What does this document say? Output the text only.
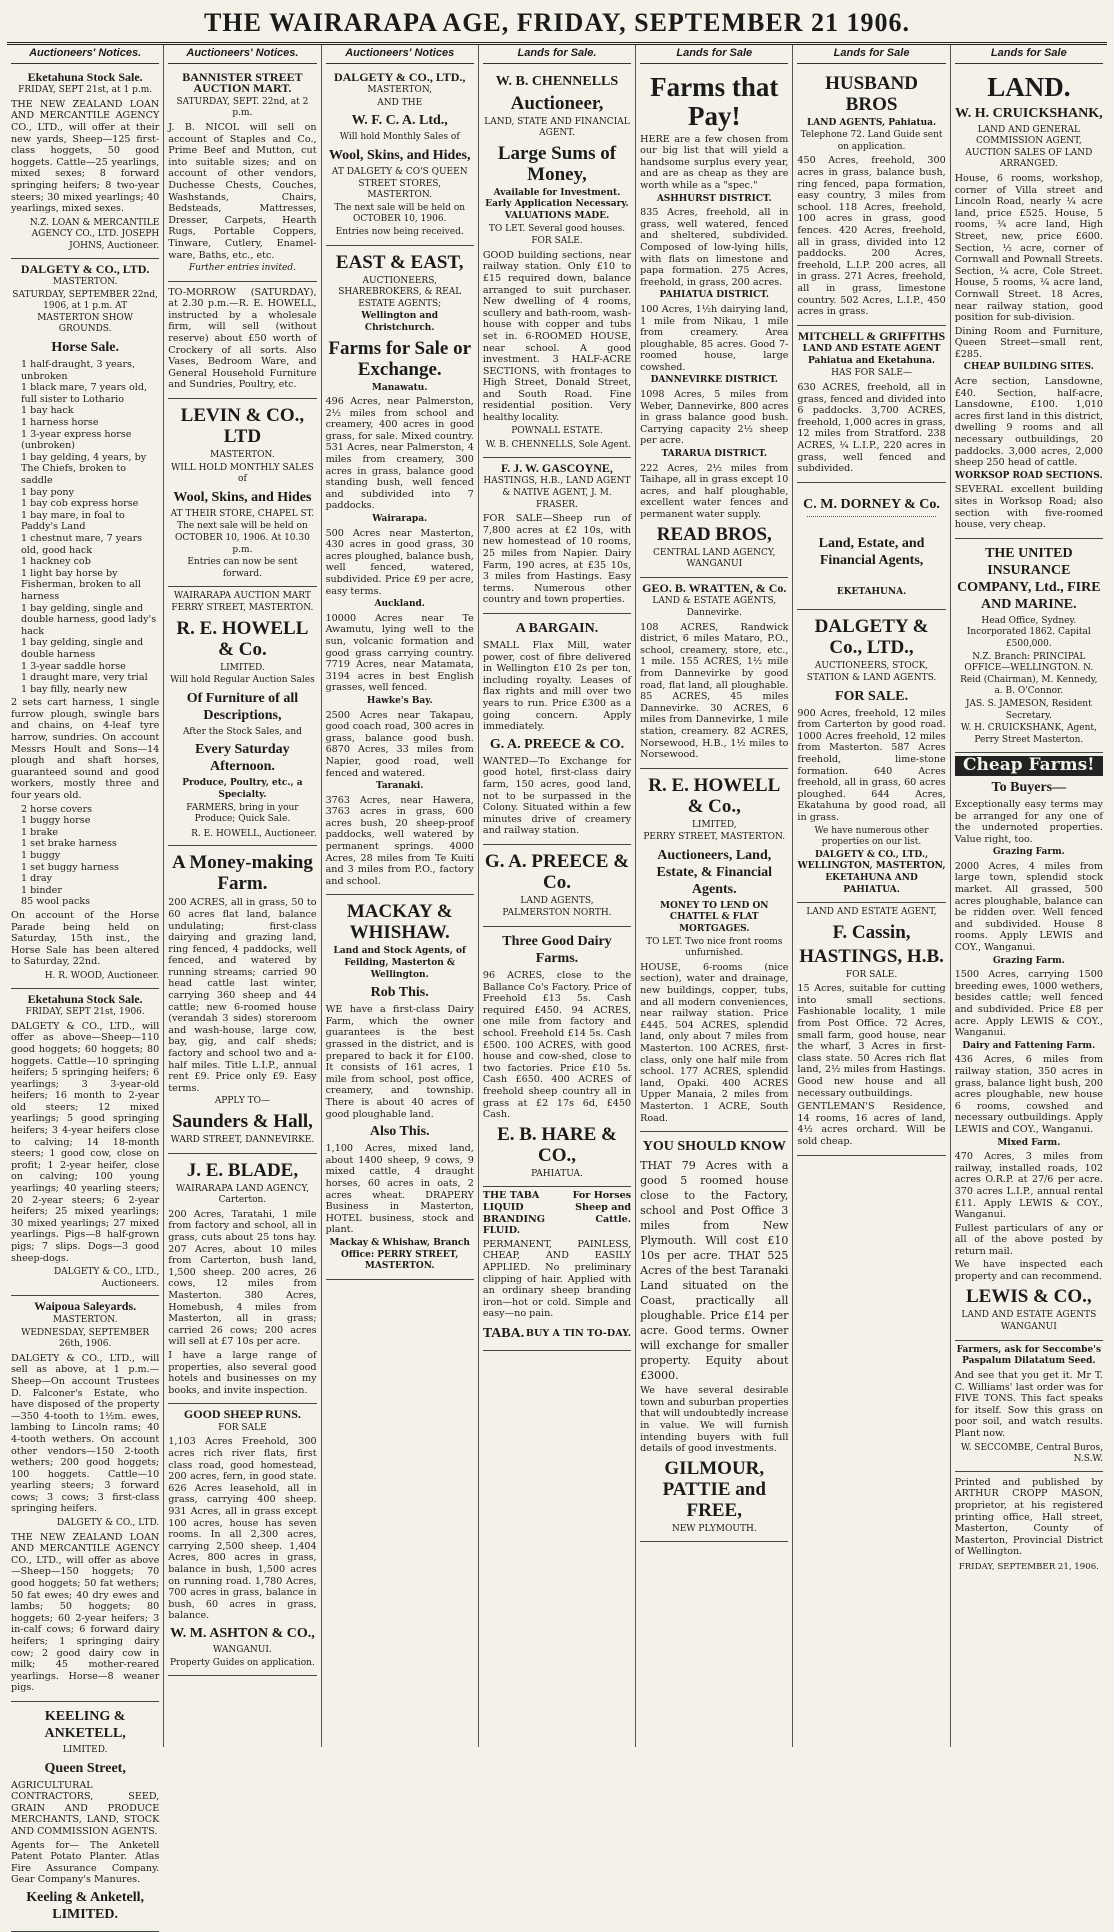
THE WAIRARAPA AGE, FRIDAY, SEPTEMBER 21 1906.
Auctioneers' Notices.
Eketahuna Stock Sale.
FRIDAY, SEPT 21st, at 1 p.m.

THE NEW ZEALAND LOAN AND MERCANTILE AGENCY CO., LTD., will offer at their new yards, Sheep—125 first-class hoggets, 50 good hoggets. Cattle—25 yearlings, mixed sexes; 8 forward springing heifers; 8 two-year steers; 30 mixed yearlings; 40 yearlings, mixed sexes.

N.Z. LOAN & MERCANTILE AGENCY CO., LTD. JOSEPH JOHNS, Auctioneer.
DALGETY & CO., LTD.
MASTERTON.
SATURDAY, SEPTEMBER 22nd, 1906, at 1 p.m. AT MASTERTON SHOW GROUNDS.
Horse Sale.
1 half-draught, 3 years, unbroken
1 black mare, 7 years old, full sister to Lothario
1 bay hack
1 harness horse
1 3-year express horse (unbroken)
1 bay gelding, 4 years, by The Chiefs, broken to saddle
1 bay pony
1 bay cob express horse
1 bay mare, in foal to Paddy's Land
1 chestnut mare, 7 years old, good hack
1 hackney cob
1 light bay horse by Fisherman, broken to all harness
1 bay gelding, single and double harness, good lady's hack
1 bay gelding, single and double harness
1 3-year saddle horse
1 draught mare, very trial
1 bay filly, nearly new

2 sets cart harness, 1 single furrow plough, swingle bars and chains, on 4-leaf tyre harrow, sundries. On account Messrs Hoult and Sons—14 plough and shaft horses, guaranteed sound and good workers, mostly three and four years old.

2 horse covers
1 buggy horse
1 brake
1 set brake harness
1 buggy
1 set buggy harness
1 dray
1 binder
85 wool packs

On account of the Horse Parade being held on Saturday, 15th inst., the Horse Sale has been altered to Saturday, 22nd.

H. R. WOOD, Auctioneer.
Eketahuna Stock Sale.
FRIDAY, SEPT 21st, 1906.

DALGETY & CO., LTD., will offer as above—Sheep—110 good hoggets; 60 hoggets; 80 hoggets. Cattle—10 springing heifers; 5 springing heifers; 6 yearlings; 3 3-year-old heifers; 16 month to 2-year old steers; 12 mixed yearlings; 5 good springing heifers; 3 4-year heifers close to calving; 14 18-month steers; 1 good cow, close on profit; 1 2-year heifer, close on calving; 100 young yearlings; 40 yearling steers; 20 2-year steers; 6 2-year heifers; 25 mixed yearlings; 30 mixed yearlings; 27 mixed yearlings. Pigs—8 half-grown pigs; 7 slips. Dogs—3 good sheep-dogs.

DALGETY & CO., LTD., Auctioneers.
Waipoua Saleyards.
MASTERTON.
WEDNESDAY, SEPTEMBER 26th, 1906.

DALGETY & CO., LTD., will sell as above, at 1 p.m.—Sheep—On account Trustees D. Falconer's Estate, who have disposed of the property—350 4-tooth to 1½m. ewes, lambing to Lincoln rams; 40 4-tooth wethers. On account other vendors—150 2-tooth wethers; 200 good hoggets; 100 hoggets. Cattle—10 yearling steers; 3 forward cows; 3 cows; 3 first-class springing heifers.

DALGETY & CO., LTD.

THE NEW ZEALAND LOAN AND MERCANTILE AGENCY CO., LTD., will offer as above—Sheep—150 hoggets; 70 good hoggets; 50 fat wethers; 50 fat ewes; 40 dry ewes and lambs; 50 hoggets; 80 hoggets; 60 2-year heifers; 3 in-calf cows; 6 forward dairy heifers; 1 springing dairy cow; 2 good dairy cow in milk; 45 mother-reared yearlings. Horse—8 weaner pigs.

KEELING & ANKETELL,
LIMITED.
Queen Street,

AGRICULTURAL CONTRACTORS, SEED, GRAIN AND PRODUCE MERCHANTS, LAND, STOCK AND COMMISSION AGENTS.

Agents for— The Anketell Patent Potato Planter. Atlas Fire Assurance Company. Gear Company's Manures.

Keeling & Anketell, LIMITED.
Auctioneers' Notices.
BANNISTER STREET AUCTION MART.
SATURDAY, SEPT. 22nd, at 2 p.m.

J. B. NICOL will sell on account of Staples and Co., Prime Beef and Mutton, cut into suitable sizes; and on account of other vendors, Duchesse Chests, Couches, Washstands, Chairs, Bedsteads, Mattresses, Dresser, Carpets, Hearth Rugs, Portable Coppers, Tinware, Cutlery, Enamel-ware, Baths, etc., etc.

Further entries invited.

TO-MORROW (SATURDAY), at 2.30 p.m.—R. E. HOWELL, instructed by a wholesale firm, will sell (without reserve) about £50 worth of Crockery of all sorts. Also Vases, Bedroom Ware, and General Household Furniture and Sundries, Poultry, etc.

LEVIN & CO., LTD
MASTERTON.
WILL HOLD MONTHLY SALES of
Wool, Skins, and Hides
AT THEIR STORE, CHAPEL ST.
The next sale will be held on OCTOBER 10, 1906. At 10.30 p.m.
Entries can now be sent forward.
WAIRARAPA AUCTION MART FERRY STREET, MASTERTON.
R. E. HOWELL & Co.
LIMITED.
Will hold Regular Auction Sales
Of Furniture of all Descriptions,
After the Stock Sales, and
Every Saturday Afternoon.
Produce, Poultry, etc., a Specialty.
FARMERS, bring in your Produce; Quick Sale.
R. E. HOWELL, Auctioneer.
A Money-making Farm.

200 ACRES, all in grass, 50 to 60 acres flat land, balance undulating; first-class dairying and grazing land, ring fenced, 4 paddocks, well fenced, and watered by running streams; carried 90 head cattle last winter, carrying 360 sheep and 44 cattle; new 6-roomed house (verandah 3 sides) storeroom and wash-house, large cow, bay, gig, and calf sheds; factory and school two and a-half miles. Title L.I.P., annual rent £9. Price only £9. Easy terms.

APPLY TO—
Saunders & Hall,
WARD STREET, DANNEVIRKE.
J. E. BLADE,
WAIRARAPA LAND AGENCY, Carterton.

200 Acres, Taratahi, 1 mile from factory and school, all in grass, cuts about 25 tons hay. 207 Acres, about 10 miles from Carterton, bush land, 1,500 sheep. 200 acres, 26 cows, 12 miles from Masterton. 380 Acres, Homebush, 4 miles from Masterton, all in grass; carried 26 cows; 200 acres will sell at £7 10s per acre.

I have a large range of properties, also several good hotels and businesses on my books, and invite inspection.

GOOD SHEEP RUNS.
FOR SALE

1,103 Acres Freehold, 300 acres rich river flats, first class road, good homestead, 200 acres, fern, in good state. 626 Acres leasehold, all in grass, carrying 400 sheep. 931 Acres, all in grass except 100 acres, house has seven rooms. In all 2,300 acres, carrying 2,500 sheep. 1,404 Acres, 800 acres in grass, balance in bush, 1,500 acres on running road. 1,780 Acres, 700 acres in grass, balance in bush, 60 acres in grass, balance.

W. M. ASHTON & CO.,
WANGANUI.
Property Guides on application.
Auctioneers' Notices
DALGETY & CO., LTD.,
MASTERTON,
AND THE
W. F. C. A. Ltd.,
Will hold Monthly Sales of
Wool, Skins, and Hides,
AT DALGETY & CO'S QUEEN STREET STORES, MASTERTON.
The next sale will be held on OCTOBER 10, 1906.
Entries now being received.
EAST & EAST,
AUCTIONEERS, SHAREBROKERS, & REAL ESTATE AGENTS;
Wellington and Christchurch.
Farms for Sale or Exchange.
Manawatu.

496 Acres, near Palmerston, 2½ miles from school and creamery, 400 acres in good grass, for sale. Mixed country. 531 Acres, near Palmerston, 4 miles from creamery, 300 acres in grass, balance good standing bush, well fenced and subdivided into 7 paddocks.

Wairarapa.

500 Acres near Masterton, 430 acres in good grass, 30 acres ploughed, balance bush, well fenced, watered, subdivided. Price £9 per acre, easy terms.

Auckland.

10000 Acres near Te Awamutu, lying well to the sun, volcanic formation and good grass carrying country. 7719 Acres, near Matamata, 3194 acres in best English grasses, well fenced.

Hawke's Bay.

2500 Acres near Takapau, good coach road, 300 acres in grass, balance good bush. 6870 Acres, 33 miles from Napier, good road, well fenced and watered.

Taranaki.

3763 Acres, near Hawera, 3763 acres in grass, 600 acres bush, 20 sheep-proof paddocks, well watered by permanent springs. 4000 Acres, 28 miles from Te Kuiti and 3 miles from P.O., factory and school.

MACKAY & WHISHAW.
Land and Stock Agents, of Feilding, Masterton & Wellington.
Rob This.

WE have a first-class Dairy Farm, which the owner guarantees is the best grassed in the district, and is prepared to back it for £100. It consists of 161 acres, 1 mile from school, post office, creamery, and township. There is about 40 acres of good ploughable land.

Also This.

1,100 Acres, mixed land, about 1400 sheep, 9 cows, 9 mixed cattle, 4 draught horses, 60 acres in oats, 2 acres wheat. DRAPERY Business in Masterton, HOTEL business, stock and plant.

Mackay & Whishaw, Branch Office: PERRY STREET, MASTERTON.
Lands for Sale.
W. B. CHENNELLS
Auctioneer,
LAND, STATE AND FINANCIAL AGENT.
Large Sums of Money,
Available for Investment. Early Application Necessary. VALUATIONS MADE.
TO LET. Several good houses.
FOR SALE.

GOOD building sections, near railway station. Only £10 to £15 required down, balance arranged to suit purchaser. New dwelling of 4 rooms, scullery and bath-room, wash-house with copper and tubs set in. 6-ROOMED HOUSE, near school. A good investment. 3 HALF-ACRE SECTIONS, with frontages to High Street, Donald Street, and South Road. Fine residential position. Very healthy locality.

POWNALL ESTATE.
W. B. CHENNELLS, Sole Agent.
F. J. W. GASCOYNE,
HASTINGS, H.B., LAND AGENT & NATIVE AGENT, J. M. FRASER.

FOR SALE—Sheep run of 7,800 acres at £2 10s, with new homestead of 10 rooms, 25 miles from Napier. Dairy Farm, 190 acres, at £35 10s, 3 miles from Hastings. Easy terms. Numerous other country and town properties.

A BARGAIN.

SMALL Flax Mill, water power, cost of fibre delivered in Wellington £10 2s per ton, including royalty. Leases of flax rights and mill over two years to run. Price £300 as a going concern. Apply immediately.

G. A. PREECE & CO.

WANTED—To Exchange for good hotel, first-class dairy farm, 150 acres, good land, not to be surpassed in the Colony. Situated within a few minutes drive of creamery and railway station.

G. A. PREECE & Co.
LAND AGENTS,
PALMERSTON NORTH.
Three Good Dairy Farms.

96 ACRES, close to the Ballance Co's Factory. Price of Freehold £13 5s. Cash required £450. 94 ACRES, one mile from factory and school. Freehold £14 5s. Cash £500. 100 ACRES, with good house and cow-shed, close to two factories. Price £10 5s. Cash £650. 400 ACRES of freehold sheep country all in grass at £2 17s 6d, £450 Cash.

E. B. HARE & CO.,
PAHIATUA.
THE TABA LIQUID BRANDING FLUID.
For Horses Sheep and Cattle.

PERMANENT, PAINLESS, CHEAP, AND EASILY APPLIED. No preliminary clipping of hair. Applied with an ordinary sheep branding iron—hot or cold. Simple and easy—no pain.

TABA. BUY A TIN TO-DAY.
Lands for Sale
Farms that Pay!

HERE are a few chosen from our big list that will yield a handsome surplus every year, and are as cheap as they are worth while as a "spec."

ASHHURST DISTRICT.

835 Acres, freehold, all in grass, well watered, fenced and sheltered, subdivided. Composed of low-lying hills, with flats on limestone and papa formation. 275 Acres, freehold, in grass, 200 acres.

PAHIATUA DISTRICT.

100 Acres, 1½h dairying land, 1 mile from Nikau, 1 mile from creamery. Area ploughable, 85 acres. Good 7-roomed house, large cowshed.

DANNEVIRKE DISTRICT.

1098 Acres, 5 miles from Weber, Dannevirke, 800 acres in grass balance good bush. Carrying capacity 2½ sheep per acre.

TARARUA DISTRICT.

222 Acres, 2½ miles from Taihape, all in grass except 10 acres, and half ploughable, excellent water fences and permanent water supply.

READ BROS,
CENTRAL LAND AGENCY, WANGANUI
GEO. B. WRATTEN, & Co.
LAND & ESTATE AGENTS, Dannevirke.

108 ACRES, Randwick district, 6 miles Mataro, P.O., school, creamery, store, etc., 1 mile. 155 ACRES, 1½ mile from Dannevirke by good road, flat land, all ploughable. 85 ACRES, 45 miles Dannevirke. 30 ACRES, 6 miles from Dannevirke, 1 mile station, creamery. 82 ACRES, Norsewood, H.B., 1½ miles to Norsewood.

R. E. HOWELL & Co.,
LIMITED,
PERRY STREET, MASTERTON.
Auctioneers, Land, Estate, & Financial Agents.
MONEY TO LEND ON CHATTEL & FLAT MORTGAGES.
TO LET. Two nice front rooms unfurnished.

HOUSE, 6-rooms (nice section), water and drainage, new buildings, copper, tubs, and all modern conveniences, near railway station. Price £445. 504 ACRES, splendid land, only about 7 miles from Masterton. 100 ACRES, first-class, only one half mile from school. 177 ACRES, splendid land, Opaki. 400 ACRES Upper Manaia, 2 miles from Masterton. 1 ACRE, South Road.

YOU SHOULD KNOW

THAT 79 Acres with a good 5 roomed house close to the Factory, school and Post Office 3 miles from New Plymouth. Will cost £10 10s per acre. THAT 525 Acres of the best Taranaki Land situated on the Coast, practically all ploughable. Price £14 per acre. Good terms. Owner will exchange for smaller property. Equity about £3000.

We have several desirable town and suburban properties that will undoubtedly increase in value. We will furnish intending buyers with full details of good investments.

GILMOUR, PATTIE and FREE,
NEW PLYMOUTH.
Lands for Sale
HUSBAND BROS
LAND AGENTS, Pahiatua.
Telephone 72. Land Guide sent on application.

450 Acres, freehold, 300 acres in grass, balance bush, ring fenced, papa formation, easy country, 3 miles from school. 118 Acres, freehold, 100 acres in grass, good fences. 420 Acres, freehold, all in grass, divided into 12 paddocks. 200 Acres, freehold, L.I.P. 200 acres, all in grass. 271 Acres, freehold, all in grass, limestone country. 502 Acres, L.I.P., 450 acres in grass.

MITCHELL & GRIFFITHS
LAND AND ESTATE AGENT Pahiatua and Eketahuna.
HAS FOR SALE—

630 ACRES, freehold, all in grass, fenced and divided into 6 paddocks. 3,700 ACRES, freehold, 1,000 acres in grass, 12 miles from Stratford. 238 ACRES, ¼ L.I.P., 220 acres in grass, well fenced and subdivided.

C. M. DORNEY & Co.
Land, Estate, and Financial Agents,
EKETAHUNA.
DALGETY & Co., LTD.,
AUCTIONEERS, STOCK, STATION & LAND AGENTS.
FOR SALE.

900 Acres, freehold, 12 miles from Carterton by good road. 1000 Acres freehold, 12 miles from Masterton. 587 Acres freehold, lime-stone formation. 640 Acres freehold, all in grass, 60 acres ploughed. 644 Acres, Ekatahuna by good road, all in grass.

We have numerous other properties on our list.
DALGETY & CO., LTD., WELLINGTON, MASTERTON, EKETAHUNA AND PAHIATUA.
LAND AND ESTATE AGENT,
F. Cassin,
HASTINGS, H.B.
FOR SALE.

15 Acres, suitable for cutting into small sections. Fashionable locality, 1 mile from Post Office. 72 Acres, small farm, good house, near the wharf, 3 Acres in first-class state. 50 Acres rich flat land, 2½ miles from Hastings. Good new house and all necessary outbuildings.

GENTLEMAN'S Residence, 14 rooms, 16 acres of land, 4½ acres orchard. Will be sold cheap.

Lands for Sale
LAND.
W. H. CRUICKSHANK,
LAND AND GENERAL COMMISSION AGENT, AUCTION SALES OF LAND ARRANGED.

House, 6 rooms, workshop, corner of Villa street and Lincoln Road, nearly ¼ acre land, price £525. House, 5 rooms, ¾ acre land, High Street, new, price £600. Section, ½ acre, corner of Cornwall and Pownall Streets. Section, ¼ acre, Cole Street. House, 5 rooms, ¼ acre land, Cornwall Street. 18 Acres, near railway station, good position for sub-division.

Dining Room and Furniture, Queen Street—small rent, £285.

CHEAP BUILDING SITES.

Acre section, Lansdowne, £40. Section, half-acre, Lansdowne, £100. 1,010 acres first land in this district, dwelling 9 rooms and all necessary outbuildings, 20 paddocks. 3,000 acres, 2,000 sheep 250 head of cattle.

WORKSOP ROAD SECTIONS.

SEVERAL excellent building sites in Worksop Road; also section with five-roomed house, very cheap.

THE UNITED INSURANCE COMPANY, Ltd., FIRE AND MARINE.
Head Office, Sydney. Incorporated 1862. Capital £500,000.
N.Z. Branch: PRINCIPAL OFFICE—WELLINGTON. N. Reid (Chairman), M. Kennedy, a. B. O'Connor.
JAS. S. JAMESON, Resident Secretary.
W. H. CRUICKSHANK, Agent, Perry Street Masterton.
Cheap Farms!
To Buyers—

Exceptionally easy terms may be arranged for any one of the undernoted properties. Value right, too.

Grazing Farm.

2000 Acres, 4 miles from large town, splendid stock market. All grassed, 500 acres ploughable, balance can be ridden over. Well fenced and subdivided. House 8 rooms. Apply LEWIS and COY., Wanganui.

Grazing Farm.

1500 Acres, carrying 1500 breeding ewes, 1000 wethers, besides cattle; well fenced and subdivided. Price £8 per acre. Apply LEWIS & COY., Wanganui.

Dairy and Fattening Farm.

436 Acres, 6 miles from railway station, 350 acres in grass, balance light bush, 200 acres ploughable, new house 6 rooms, cowshed and necessary outbuildings. Apply LEWIS and COY., Wanganui.

Mixed Farm.

470 Acres, 3 miles from railway, installed roads, 102 acres O.R.P. at 27/6 per acre. 370 acres L.I.P., annual rental £11. Apply LEWIS & COY., Wanganui.

Fullest particulars of any or all of the above posted by return mail.

We have inspected each property and can recommend.

LEWIS & CO.,
LAND AND ESTATE AGENTS
WANGANUI
Farmers, ask for Seccombe's Paspalum Dilatatum Seed.

And see that you get it. Mr T. C. Williams' last order was for FIVE TONS. This fact speaks for itself. Sow this grass on poor soil, and watch results. Plant now.

W. SECCOMBE, Central Buros, N.S.W.

Printed and published by ARTHUR CROPP MASON, proprietor, at his registered printing office, Hall street, Masterton, County of Masterton, Provincial District of Wellington.

FRIDAY, SEPTEMBER 21, 1906.
